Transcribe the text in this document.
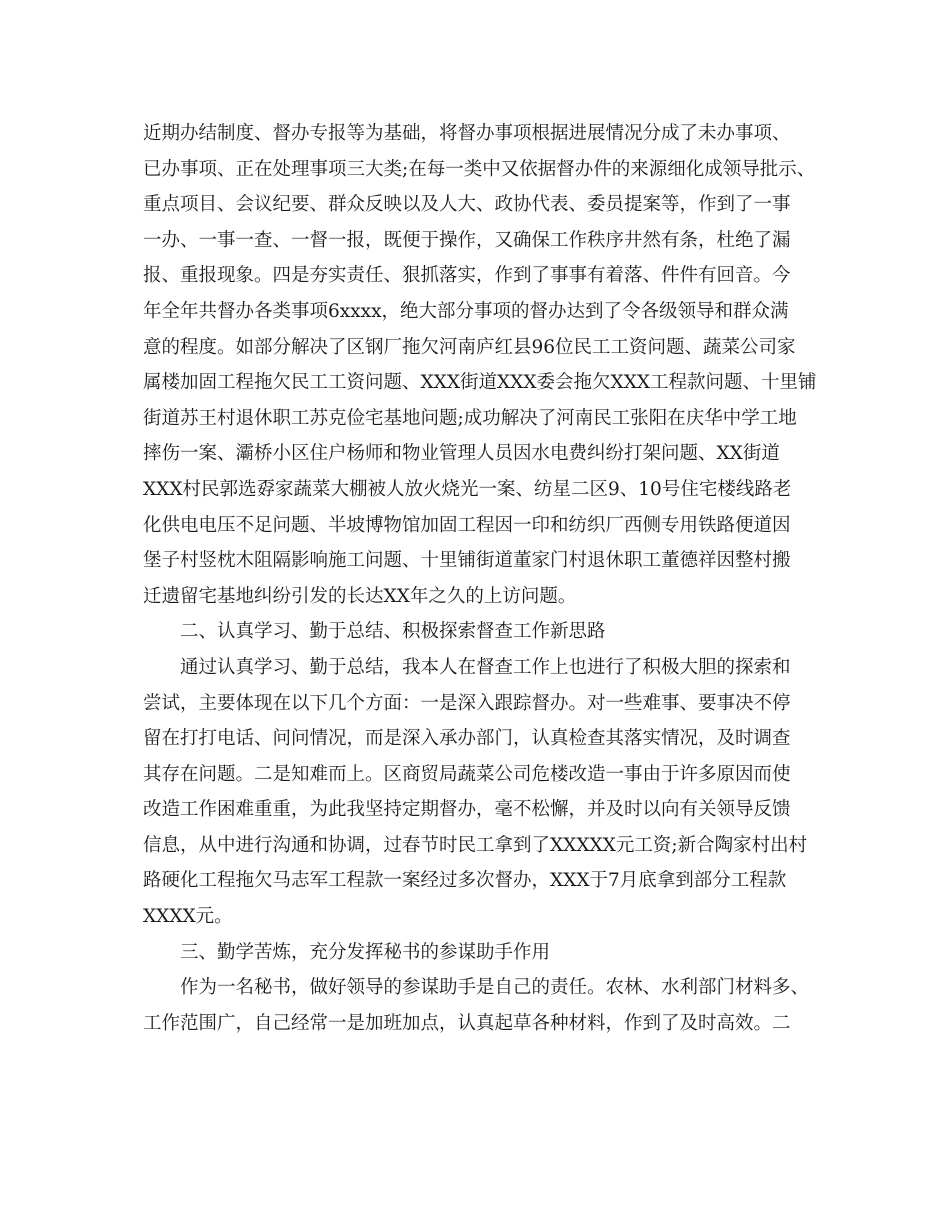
近期办结制度、督办专报等为基础，将督办事项根据进展情况分成了未办事项、
已办事项、正在处理事项三大类;在每一类中又依据督办件的来源细化成领导批示、
重点项目、会议纪要、群众反映以及人大、政协代表、委员提案等，作到了一事
一办、一事一查、一督一报，既便于操作，又确保工作秩序井然有条，杜绝了漏
报、重报现象。四是夯实责任、狠抓落实，作到了事事有着落、件件有回音。今
年全年共督办各类事项6xxxx，绝大部分事项的督办达到了令各级领导和群众满
意的程度。如部分解决了区钢厂拖欠河南庐红县96位民工工资问题、蔬菜公司家
属楼加固工程拖欠民工工资问题、XXX街道XXX委会拖欠XXX工程款问题、十里铺
街道苏王村退休职工苏克俭宅基地问题;成功解决了河南民工张阳在庆华中学工地
摔伤一案、灞桥小区住户杨师和物业管理人员因水电费纠纷打架问题、XX街道
XXX村民郭选孬家蔬菜大棚被人放火烧光一案、纺星二区9、10号住宅楼线路老
化供电电压不足问题、半坡博物馆加固工程因一印和纺织厂西侧专用铁路便道因
堡子村竖枕木阻隔影响施工问题、十里铺街道董家门村退休职工董德祥因整村搬
迁遗留宅基地纠纷引发的长达XX年之久的上访问题。
二、认真学习、勤于总结、积极探索督查工作新思路
通过认真学习、勤于总结，我本人在督查工作上也进行了积极大胆的探索和
尝试，主要体现在以下几个方面：一是深入跟踪督办。对一些难事、要事决不停
留在打打电话、问问情况，而是深入承办部门，认真检查其落实情况，及时调查
其存在问题。二是知难而上。区商贸局蔬菜公司危楼改造一事由于许多原因而使
改造工作困难重重，为此我坚持定期督办，毫不松懈，并及时以向有关领导反馈
信息，从中进行沟通和协调，过春节时民工拿到了XXXXX元工资;新合陶家村出村
路硬化工程拖欠马志军工程款一案经过多次督办，XXX于7月底拿到部分工程款
XXXX元。
三、勤学苦炼，充分发挥秘书的参谋助手作用
作为一名秘书，做好领导的参谋助手是自己的责任。农林、水利部门材料多、
工作范围广，自己经常一是加班加点，认真起草各种材料，作到了及时高效。二
